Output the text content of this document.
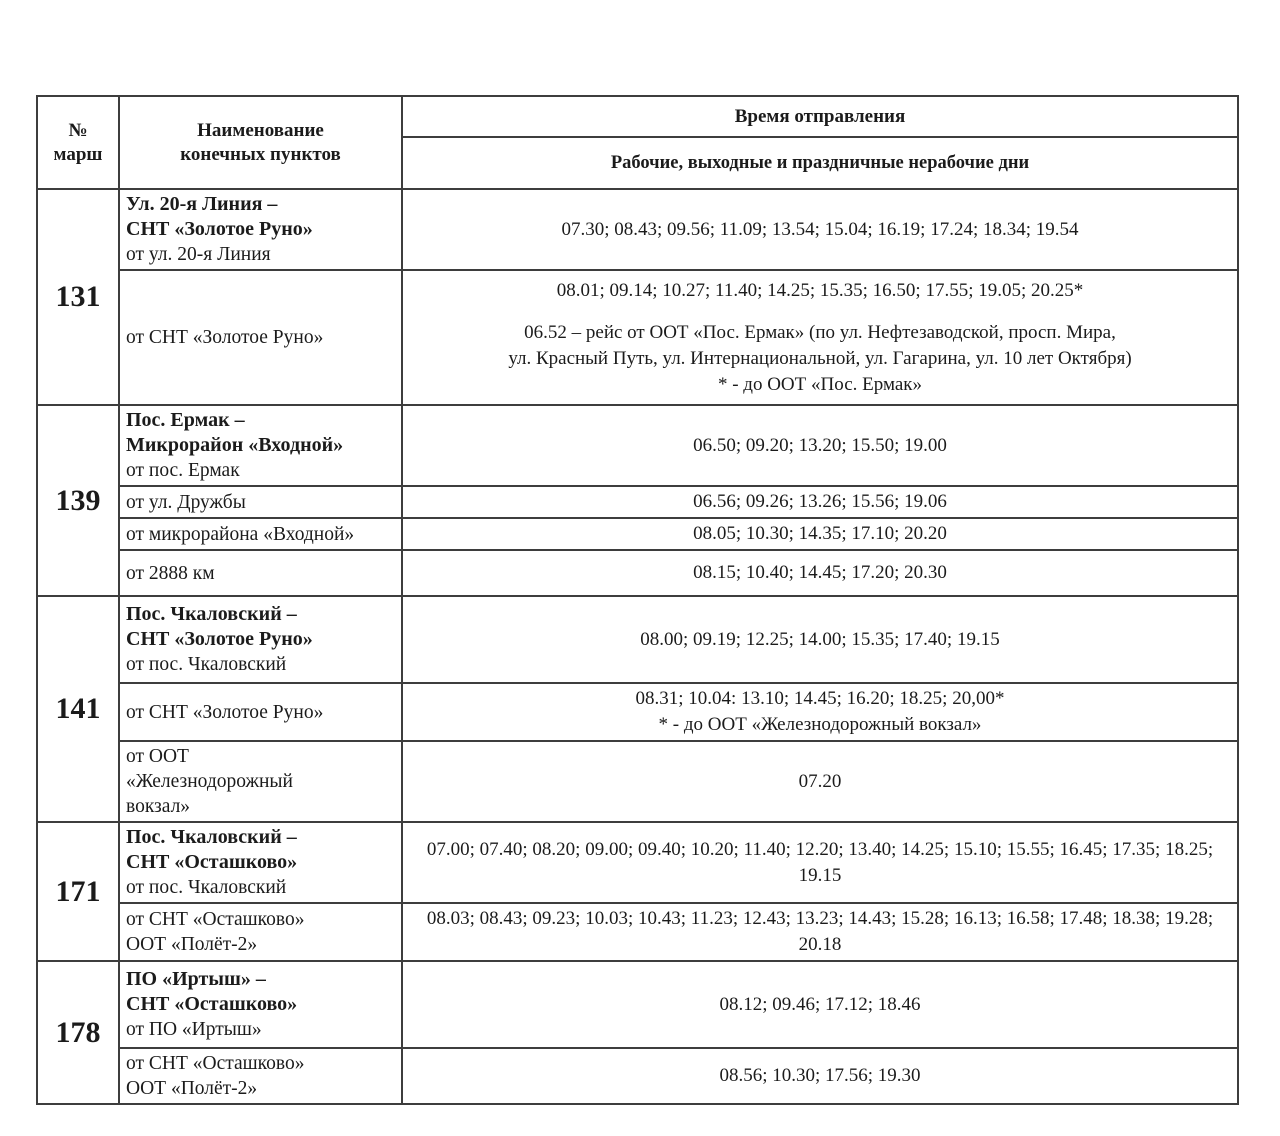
№
марш

Наименование
конечных пунктов
	Время отправления
		Рабочие, выходные и праздничные нерабочие дни
131	Ул. 20-я Линия –
СНТ «Золотое Руно»
от ул. 20-я Линия	07.30; 08.43; 09.56; 11.09; 13.54; 15.04; 16.19; 17.24; 18.34; 19.54
	от СНТ «Золотое Руно»	08.01; 09.14; 10.27; 11.40; 14.25; 15.35; 16.50; 17.55; 19.05; 20.25*
06.52 – рейс от ООТ «Пос. Ермак» (по ул. Нефтезаводской, просп. Мира,
ул. Красный Путь, ул. Интернациональной, ул. Гагарина, ул. 10 лет Октября)
* - до ООТ «Пос. Ермак»

139	Пос. Ермак –
Микрорайон «Входной»
от пос. Ермак	06.50; 09.20; 13.20; 15.50; 19.00
	от ул. Дружбы	06.56; 09.26; 13.26; 15.56; 19.06
	от микрорайона «Входной»	08.05; 10.30; 14.35; 17.10; 20.20
	от 2888 км	08.15; 10.40; 14.45; 17.20; 20.30
141	Пос. Чкаловский –
СНТ «Золотое Руно»
от пос. Чкаловский	08.00; 09.19; 12.25; 14.00; 15.35; 17.40; 19.15
	от СНТ «Золотое Руно»	08.31; 10.04: 13.10; 14.45; 16.20; 18.25; 20,00*
* - до ООТ «Железнодорожный вокзал»

	от ООТ
«Железнодорожный
вокзал»	07.20
171	Пос. Чкаловский –
СНТ «Осташково»
от пос. Чкаловский	07.00; 07.40; 08.20; 09.00; 09.40; 10.20; 11.40; 12.20; 13.40; 14.25; 15.10; 15.55; 16.45; 17.35; 18.25; 19.15

	от СНТ «Осташково»
ООТ «Полёт-2»	08.03; 08.43; 09.23; 10.03; 10.43; 11.23; 12.43; 13.23; 14.43; 15.28; 16.13; 16.58; 17.48; 18.38; 19.28; 20.18
178	ПО «Иртыш» –
СНТ «Осташково»
от ПО «Иртыш»	08.12; 09.46; 17.12; 18.46

	от СНТ «Осташково»
ООТ «Полёт-2»	08.56; 10.30; 17.56; 19.30
